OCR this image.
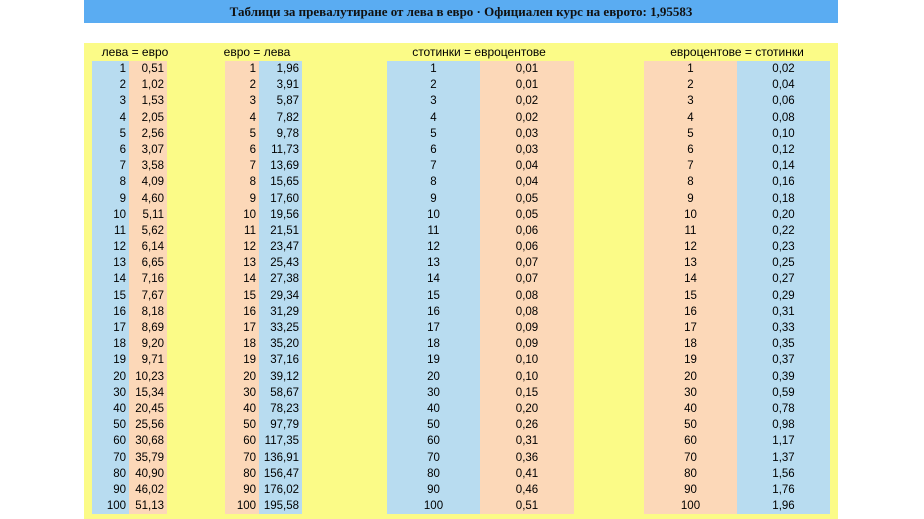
Таблици за превалутиране от лева в евро · Официален курс на еврото: 1,95583
лева = евро
1
2
3
4
5
6
7
8
9
10
11
12
13
14
15
16
17
18
19
20
30
40
50
60
70
80
90
100
0,51
1,02
1,53
2,05
2,56
3,07
3,58
4,09
4,60
5,11
5,62
6,14
6,65
7,16
7,67
8,18
8,69
9,20
9,71
10,23
15,34
20,45
25,56
30,68
35,79
40,90
46,02
51,13
евро = лева
1
2
3
4
5
6
7
8
9
10
11
12
13
14
15
16
17
18
19
20
30
40
50
60
70
80
90
100
1,96
3,91
5,87
7,82
9,78
11,73
13,69
15,65
17,60
19,56
21,51
23,47
25,43
27,38
29,34
31,29
33,25
35,20
37,16
39,12
58,67
78,23
97,79
117,35
136,91
156,47
176,02
195,58
стотинки = евроцентове
1
2
3
4
5
6
7
8
9
10
11
12
13
14
15
16
17
18
19
20
30
40
50
60
70
80
90
100
0,01
0,01
0,02
0,02
0,03
0,03
0,04
0,04
0,05
0,05
0,06
0,06
0,07
0,07
0,08
0,08
0,09
0,09
0,10
0,10
0,15
0,20
0,26
0,31
0,36
0,41
0,46
0,51
евроцентове = стотинки
1
2
3
4
5
6
7
8
9
10
11
12
13
14
15
16
17
18
19
20
30
40
50
60
70
80
90
100
0,02
0,04
0,06
0,08
0,10
0,12
0,14
0,16
0,18
0,20
0,22
0,23
0,25
0,27
0,29
0,31
0,33
0,35
0,37
0,39
0,59
0,78
0,98
1,17
1,37
1,56
1,76
1,96
